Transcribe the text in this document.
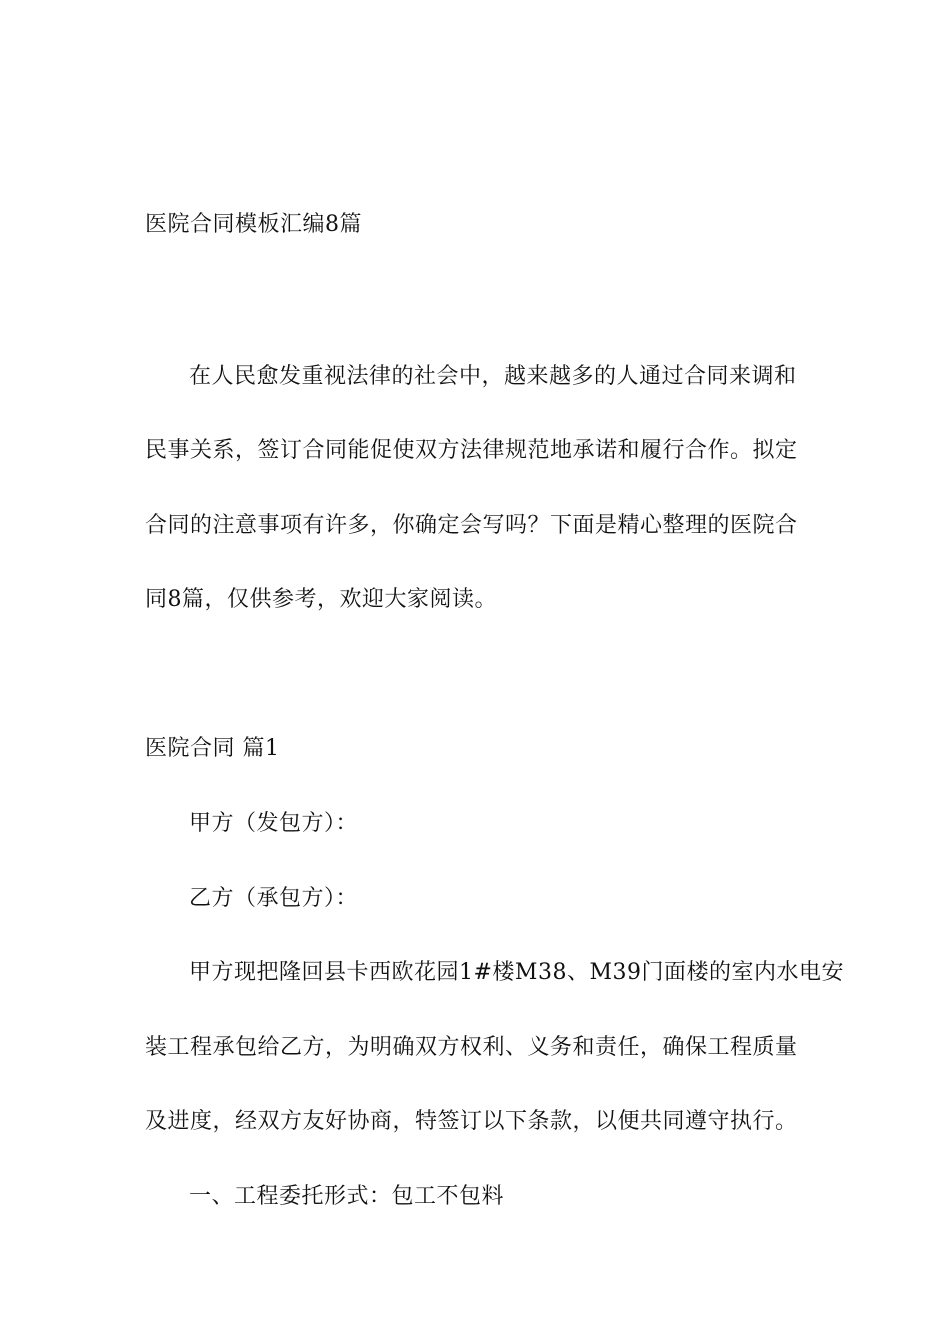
医院合同模板汇编8篇
在人民愈发重视法律的社会中，越来越多的人通过合同来调和
民事关系，签订合同能促使双方法律规范地承诺和履行合作。拟定
合同的注意事项有许多，你确定会写吗？下面是精心整理的医院合
同8篇，仅供参考，欢迎大家阅读。
医院合同 篇1
甲方（发包方）：
乙方（承包方）：
甲方现把隆回县卡西欧花园1#楼M38、M39门面楼的室内水电安
装工程承包给乙方，为明确双方权利、义务和责任，确保工程质量
及进度，经双方友好协商，特签订以下条款，以便共同遵守执行。
一、工程委托形式：包工不包料
